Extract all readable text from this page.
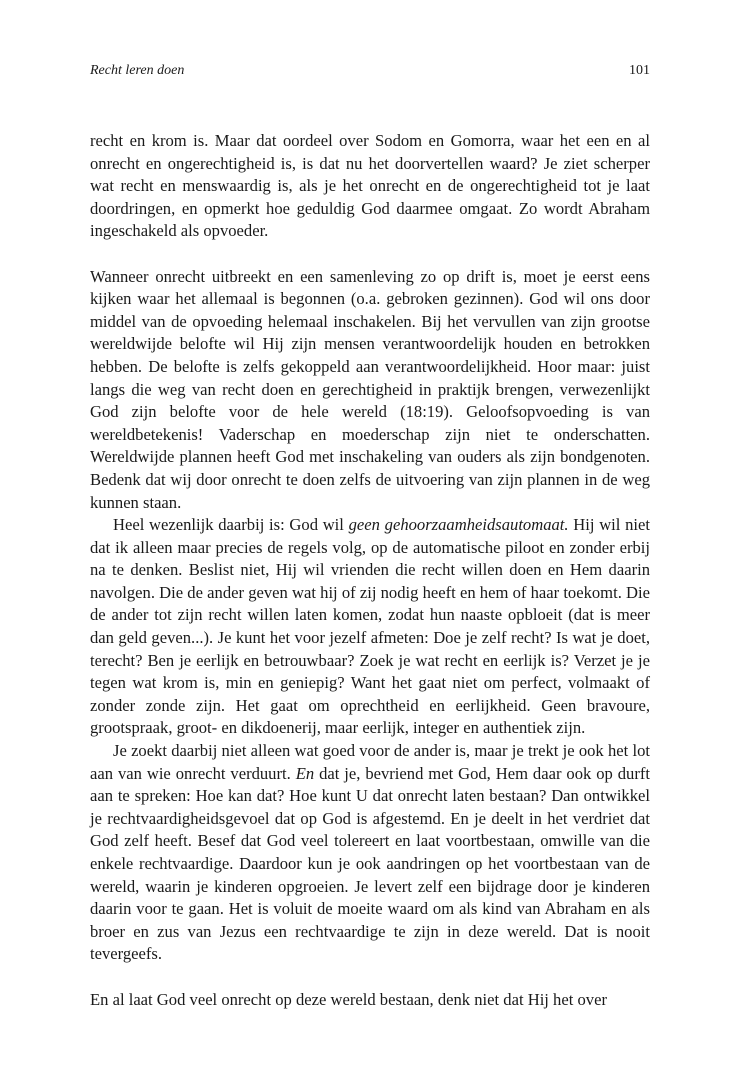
Recht leren doen	101

recht en krom is. Maar dat oordeel over Sodom en Gomorra, waar het een en al onrecht en ongerechtigheid is, is dat nu het doorvertellen waard? Je ziet scherper wat recht en menswaardig is, als je het onrecht en de ongerechtigheid tot je laat doordringen, en opmerkt hoe geduldig God daarmee omgaat. Zo wordt Abraham ingeschakeld als opvoeder.

Wanneer onrecht uitbreekt en een samenleving zo op drift is, moet je eerst eens kijken waar het allemaal is begonnen (o.a. gebroken gezinnen). God wil ons door middel van de opvoeding helemaal inschakelen. Bij het vervullen van zijn grootse wereldwijde belofte wil Hij zijn mensen verantwoordelijk houden en betrokken hebben. De belofte is zelfs gekoppeld aan verantwoordelijkheid. Hoor maar: juist langs die weg van recht doen en gerechtigheid in praktijk brengen, verwezenlijkt God zijn belofte voor de hele wereld (18:19). Geloofsopvoeding is van wereldbetekenis! Vaderschap en moederschap zijn niet te onderschatten. Wereldwijde plannen heeft God met inschakeling van ouders als zijn bondgenoten. Bedenk dat wij door onrecht te doen zelfs de uitvoering van zijn plannen in de weg kunnen staan.

Heel wezenlijk daarbij is: God wil geen gehoorzaamheidsautomaat. Hij wil niet dat ik alleen maar precies de regels volg, op de automatische piloot en zonder erbij na te denken. Beslist niet, Hij wil vrienden die recht willen doen en Hem daarin navolgen. Die de ander geven wat hij of zij nodig heeft en hem of haar toekomt. Die de ander tot zijn recht willen laten komen, zodat hun naaste opbloeit (dat is meer dan geld geven...). Je kunt het voor jezelf afmeten: Doe je zelf recht? Is wat je doet, terecht? Ben je eerlijk en betrouwbaar? Zoek je wat recht en eerlijk is? Verzet je je tegen wat krom is, min en geniepig? Want het gaat niet om perfect, volmaakt of zonder zonde zijn. Het gaat om oprechtheid en eerlijkheid. Geen bravoure, grootspraak, groot- en dikdoenerij, maar eerlijk, integer en authentiek zijn.

Je zoekt daarbij niet alleen wat goed voor de ander is, maar je trekt je ook het lot aan van wie onrecht verduurt. En dat je, bevriend met God, Hem daar ook op durft aan te spreken: Hoe kan dat? Hoe kunt U dat onrecht laten bestaan? Dan ontwikkel je rechtvaardigheidsgevoel dat op God is afgestemd. En je deelt in het verdriet dat God zelf heeft. Besef dat God veel tolereert en laat voortbestaan, omwille van die enkele rechtvaardige. Daardoor kun je ook aandringen op het voortbestaan van de wereld, waarin je kinderen opgroeien. Je levert zelf een bijdrage door je kinderen daarin voor te gaan. Het is voluit de moeite waard om als kind van Abraham en als broer en zus van Jezus een rechtvaardige te zijn in deze wereld. Dat is nooit tevergeefs.

En al laat God veel onrecht op deze wereld bestaan, denk niet dat Hij het over
